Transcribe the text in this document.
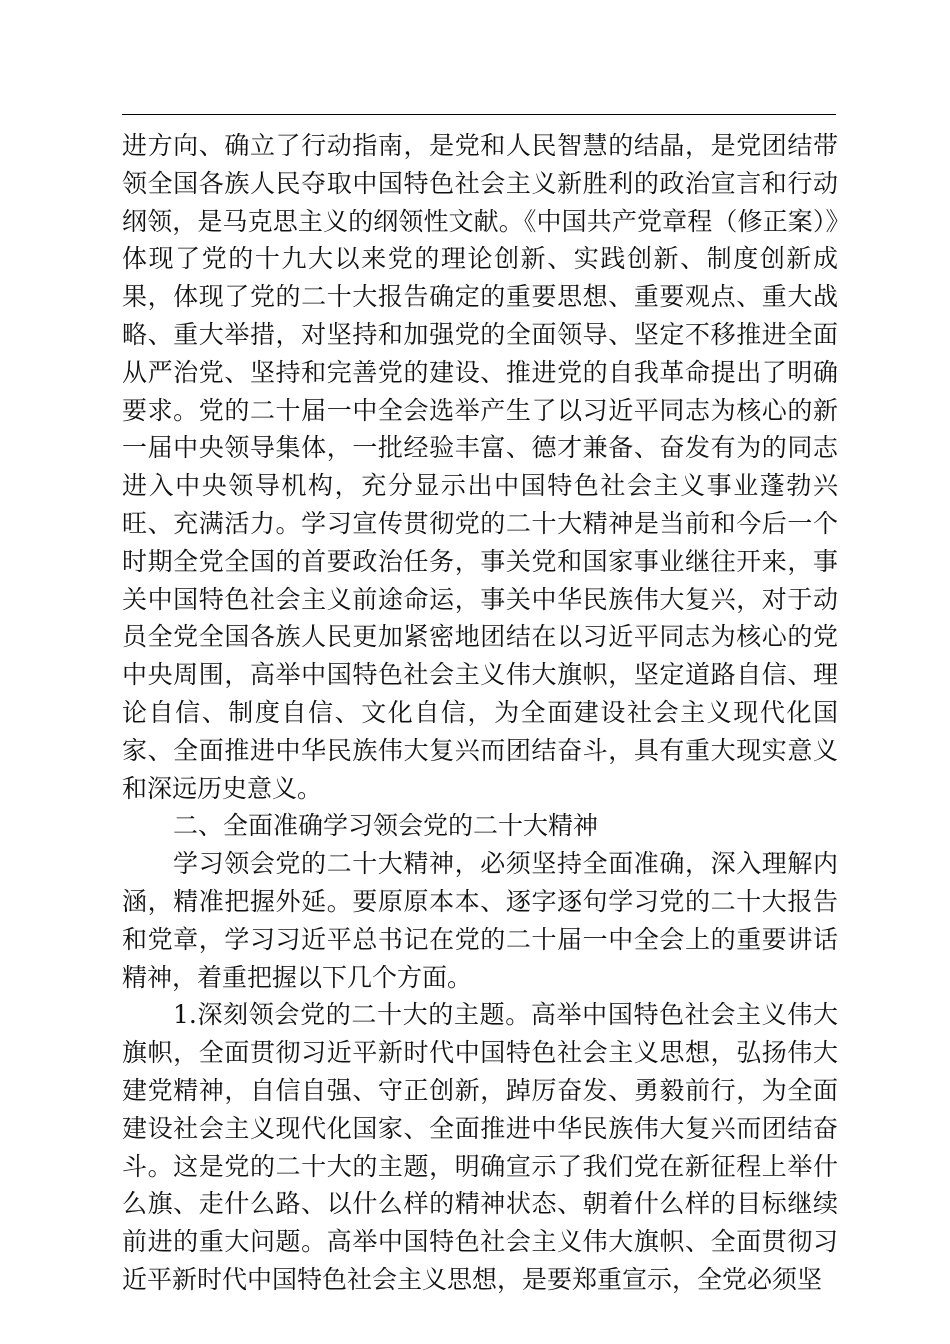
进方向、确立了行动指南，是党和人民智慧的结晶，是党团结带领全国各族人民夺取中国特色社会主义新胜利的政治宣言和行动纲领，是马克思主义的纲领性文献。《中国共产党章程（修正案）》体现了党的十九大以来党的理论创新、实践创新、制度创新成果，体现了党的二十大报告确定的重要思想、重要观点、重大战略、重大举措，对坚持和加强党的全面领导、坚定不移推进全面从严治党、坚持和完善党的建设、推进党的自我革命提出了明确要求。党的二十届一中全会选举产生了以习近平同志为核心的新一届中央领导集体，一批经验丰富、德才兼备、奋发有为的同志进入中央领导机构，充分显示出中国特色社会主义事业蓬勃兴旺、充满活力。学习宣传贯彻党的二十大精神是当前和今后一个时期全党全国的首要政治任务，事关党和国家事业继往开来，事关中国特色社会主义前途命运，事关中华民族伟大复兴，对于动员全党全国各族人民更加紧密地团结在以习近平同志为核心的党中央周围，高举中国特色社会主义伟大旗帜，坚定道路自信、理论自信、制度自信、文化自信，为全面建设社会主义现代化国家、全面推进中华民族伟大复兴而团结奋斗，具有重大现实意义和深远历史意义。

二、全面准确学习领会党的二十大精神

学习领会党的二十大精神，必须坚持全面准确，深入理解内涵，精准把握外延。要原原本本、逐字逐句学习党的二十大报告和党章，学习习近平总书记在党的二十届一中全会上的重要讲话精神，着重把握以下几个方面。

1.深刻领会党的二十大的主题。高举中国特色社会主义伟大旗帜，全面贯彻习近平新时代中国特色社会主义思想，弘扬伟大建党精神，自信自强、守正创新，踔厉奋发、勇毅前行，为全面建设社会主义现代化国家、全面推进中华民族伟大复兴而团结奋斗。这是党的二十大的主题，明确宣示了我们党在新征程上举什么旗、走什么路、以什么样的精神状态、朝着什么样的目标继续前进的重大问题。高举中国特色社会主义伟大旗帜、全面贯彻习近平新时代中国特色社会主义思想，是要郑重宣示，全党必须坚
